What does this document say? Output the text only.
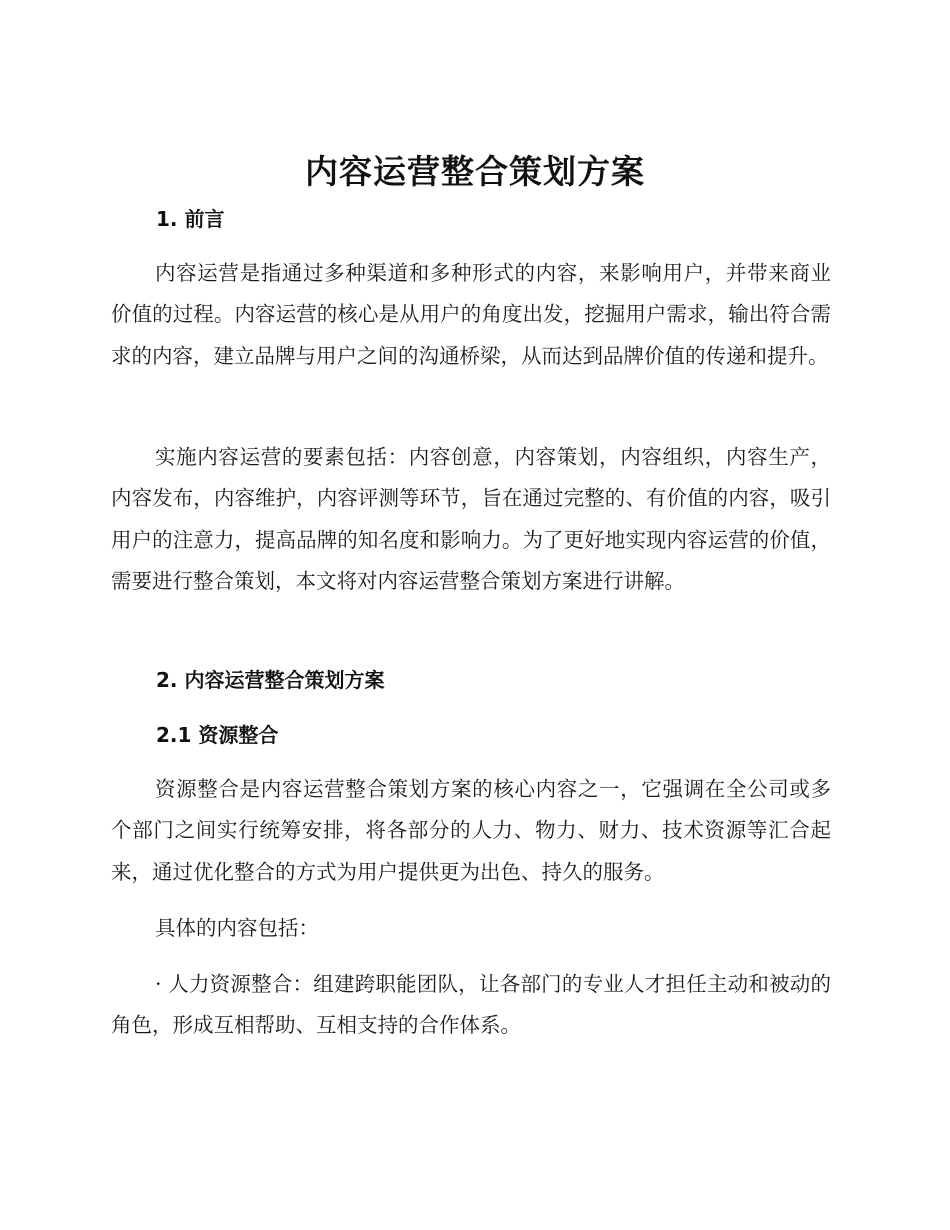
内容运营整合策划方案
1. 前言
内容运营是指通过多种渠道和多种形式的内容，来影响用户，并带来商业价值的过程。内容运营的核心是从用户的角度出发，挖掘用户需求，输出符合需求的内容，建立品牌与用户之间的沟通桥梁，从而达到品牌价值的传递和提升。
实施内容运营的要素包括：内容创意，内容策划，内容组织，内容生产，内容发布，内容维护，内容评测等环节，旨在通过完整的、有价值的内容，吸引用户的注意力，提高品牌的知名度和影响力。为了更好地实现内容运营的价值，需要进行整合策划，本文将对内容运营整合策划方案进行讲解。
2. 内容运营整合策划方案
2.1 资源整合
资源整合是内容运营整合策划方案的核心内容之一，它强调在全公司或多个部门之间实行统筹安排，将各部分的人力、物力、财力、技术资源等汇合起来，通过优化整合的方式为用户提供更为出色、持久的服务。
具体的内容包括：
· 人力资源整合：组建跨职能团队，让各部门的专业人才担任主动和被动的角色，形成互相帮助、互相支持的合作体系。
